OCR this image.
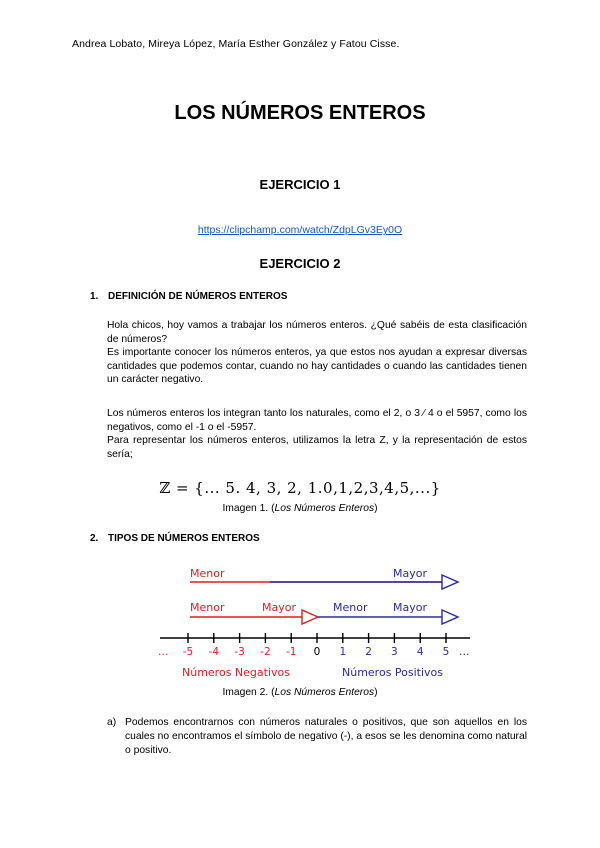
Andrea Lobato, Mireya López, María Esther González y Fatou Cisse.
LOS NÚMEROS ENTEROS
EJERCICIO 1
https://clipchamp.com/watch/ZdpLGv3Ey0O
EJERCICIO 2
1. DEFINICIÓN DE NÚMEROS ENTEROS

Hola chicos, hoy vamos a trabajar los números enteros. ¿Qué sabéis de esta clasificación de números?

Es importante conocer los números enteros, ya que estos nos ayudan a expresar diversas cantidades que podemos contar, cuando no hay cantidades o cuando las cantidades tienen un carácter negativo.

Los números enteros los integran tanto los naturales, como el 2, o 3 ⁄ 4 o el 5957, como los negativos, como el -1 o el -5957.

Para representar los números enteros, utilizamos la letra Z, y la representación de estos sería;

ℤ = {... 5. 4, 3, 2, 1.0,1,2,3,4,5,...}
Imagen 1. (Los Números Enteros)
2. TIPOS DE NÚMEROS ENTEROS
Menor	Mayor
Menor	Mayor	Menor Mayor
-5 -4 -3 -2 -1 0 1 2 3 4 5
...	...
Números Negativos	Números Positivos
Imagen 2. (Los Números Enteros)
a) Podemos encontrarnos con números naturales o positivos, que son aquellos en los cuales no encontramos el símbolo de negativo (-), a esos se les denomina como natural o positivo.
